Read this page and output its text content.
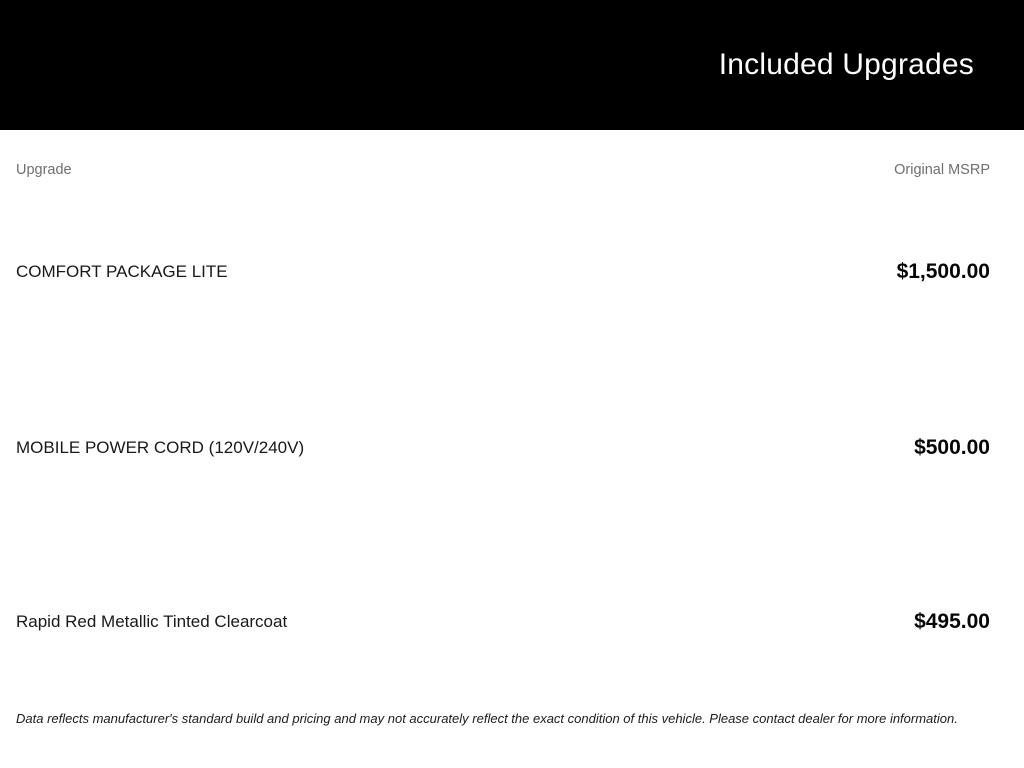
Included Upgrades
Upgrade	Original MSRP
COMFORT PACKAGE LITE	$1,500.00
MOBILE POWER CORD (120V/240V)	$500.00
Rapid Red Metallic Tinted Clearcoat	$495.00
Data reflects manufacturer's standard build and pricing and may not accurately reflect the exact condition of this vehicle. Please contact dealer for more information.
